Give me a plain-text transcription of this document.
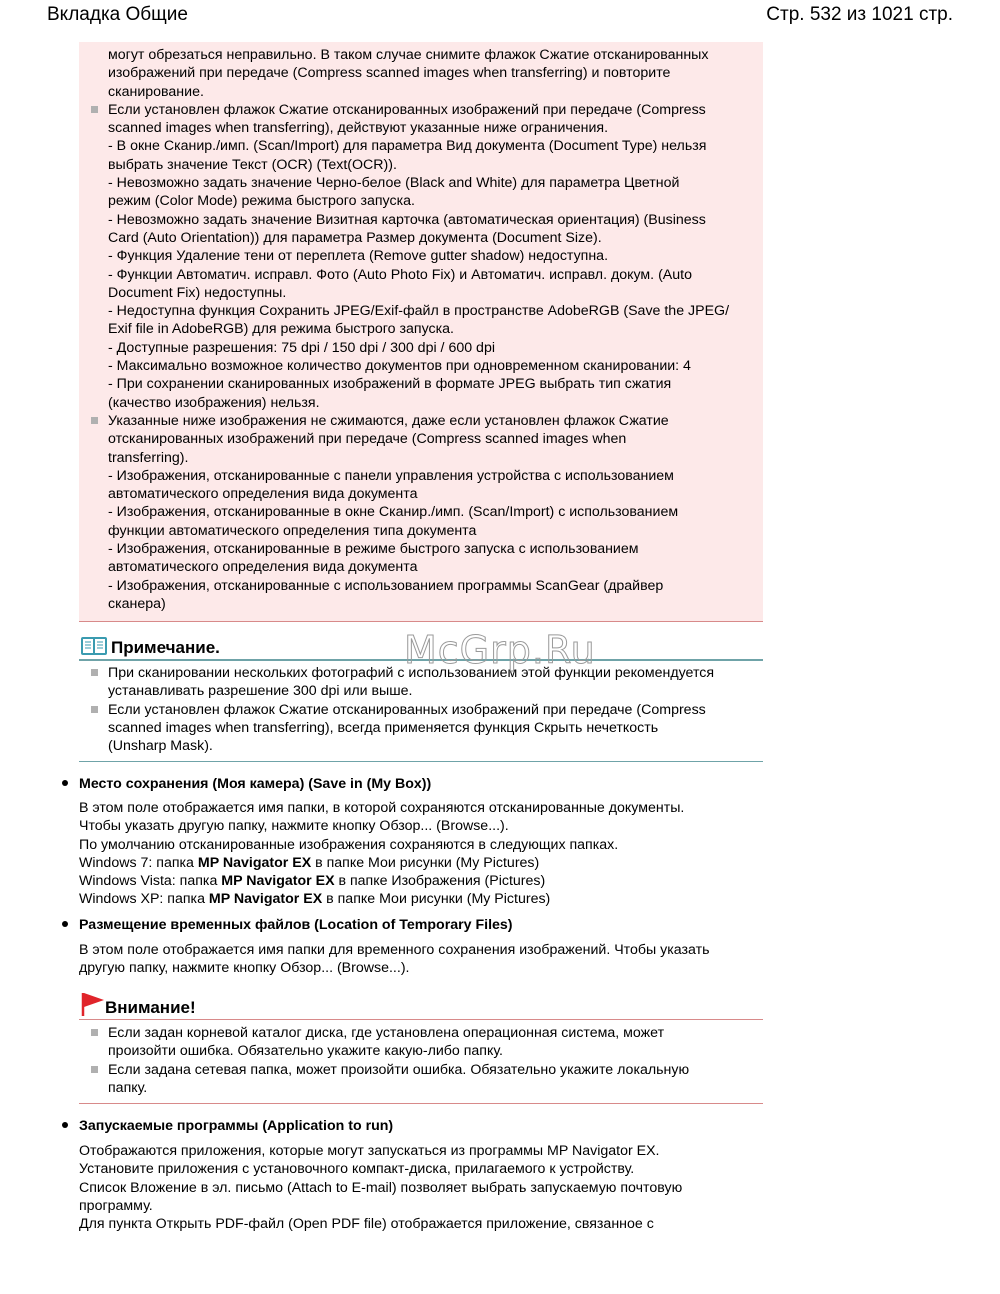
Вкладка Общие	Стр. 532 из 1021 стр.
могут обрезаться неправильно. В таком случае снимите флажок Сжатие отсканированных
изображений при передаче (Compress scanned images when transferring) и повторите
сканирование.
Если установлен флажок Сжатие отсканированных изображений при передаче (Compress
scanned images when transferring), действуют указанные ниже ограничения.
- В окне Сканир./имп. (Scan/Import) для параметра Вид документа (Document Type) нельзя
выбрать значение Текст (OCR) (Text(OCR)).
- Невозможно задать значение Черно-белое (Black and White) для параметра Цветной
режим (Color Mode) режима быстрого запуска.
- Невозможно задать значение Визитная карточка (автоматическая ориентация) (Business
Card (Auto Orientation)) для параметра Размер документа (Document Size).
- Функция Удаление тени от переплета (Remove gutter shadow) недоступна.
- Функции Автоматич. исправл. Фото (Auto Photo Fix) и Автоматич. исправл. докум. (Auto
Document Fix) недоступны.
- Недоступна функция Сохранить JPEG/Exif-файл в пространстве AdobeRGB (Save the JPEG/
Exif file in AdobeRGB) для режима быстрого запуска.
- Доступные разрешения: 75 dpi / 150 dpi / 300 dpi / 600 dpi
- Максимально возможное количество документов при одновременном сканировании: 4
- При сохранении сканированных изображений в формате JPEG выбрать тип сжатия
(качество изображения) нельзя.
Указанные ниже изображения не сжимаются, даже если установлен флажок Сжатие
отсканированных изображений при передаче (Compress scanned images when
transferring).
- Изображения, отсканированные с панели управления устройства с использованием
автоматического определения вида документа
- Изображения, отсканированные в окне Сканир./имп. (Scan/Import) с использованием
функции автоматического определения типа документа
- Изображения, отсканированные в режиме быстрого запуска с использованием
автоматического определения вида документа
- Изображения, отсканированные с использованием программы ScanGear (драйвер
сканера)
Примечание.
При сканировании нескольких фотографий с использованием этой функции рекомендуется
устанавливать разрешение 300 dpi или выше.
Если установлен флажок Сжатие отсканированных изображений при передаче (Compress
scanned images when transferring), всегда применяется функция Скрыть нечеткость
(Unsharp Mask).
Место сохранения (Моя камера) (Save in (My Box))
В этом поле отображается имя папки, в которой сохраняются отсканированные документы.
Чтобы указать другую папку, нажмите кнопку Обзор... (Browse...).
По умолчанию отсканированные изображения сохраняются в следующих папках.
Windows 7: папка MP Navigator EX в папке Мои рисунки (My Pictures)
Windows Vista: папка MP Navigator EX в папке Изображения (Pictures)
Windows XP: папка MP Navigator EX в папке Мои рисунки (My Pictures)
Размещение временных файлов (Location of Temporary Files)
В этом поле отображается имя папки для временного сохранения изображений. Чтобы указать
другую папку, нажмите кнопку Обзор... (Browse...).
Внимание!
Если задан корневой каталог диска, где установлена операционная система, может
произойти ошибка. Обязательно укажите какую-либо папку.
Если задана сетевая папка, может произойти ошибка. Обязательно укажите локальную
папку.
Запускаемые программы (Application to run)
Отображаются приложения, которые могут запускаться из программы MP Navigator EX.
Установите приложения с установочного компакт-диска, прилагаемого к устройству.
Список Вложение в эл. письмо (Attach to E-mail) позволяет выбрать запускаемую почтовую
программу.
Для пункта Открыть PDF-файл (Open PDF file) отображается приложение, связанное с
McGrp.Ru
